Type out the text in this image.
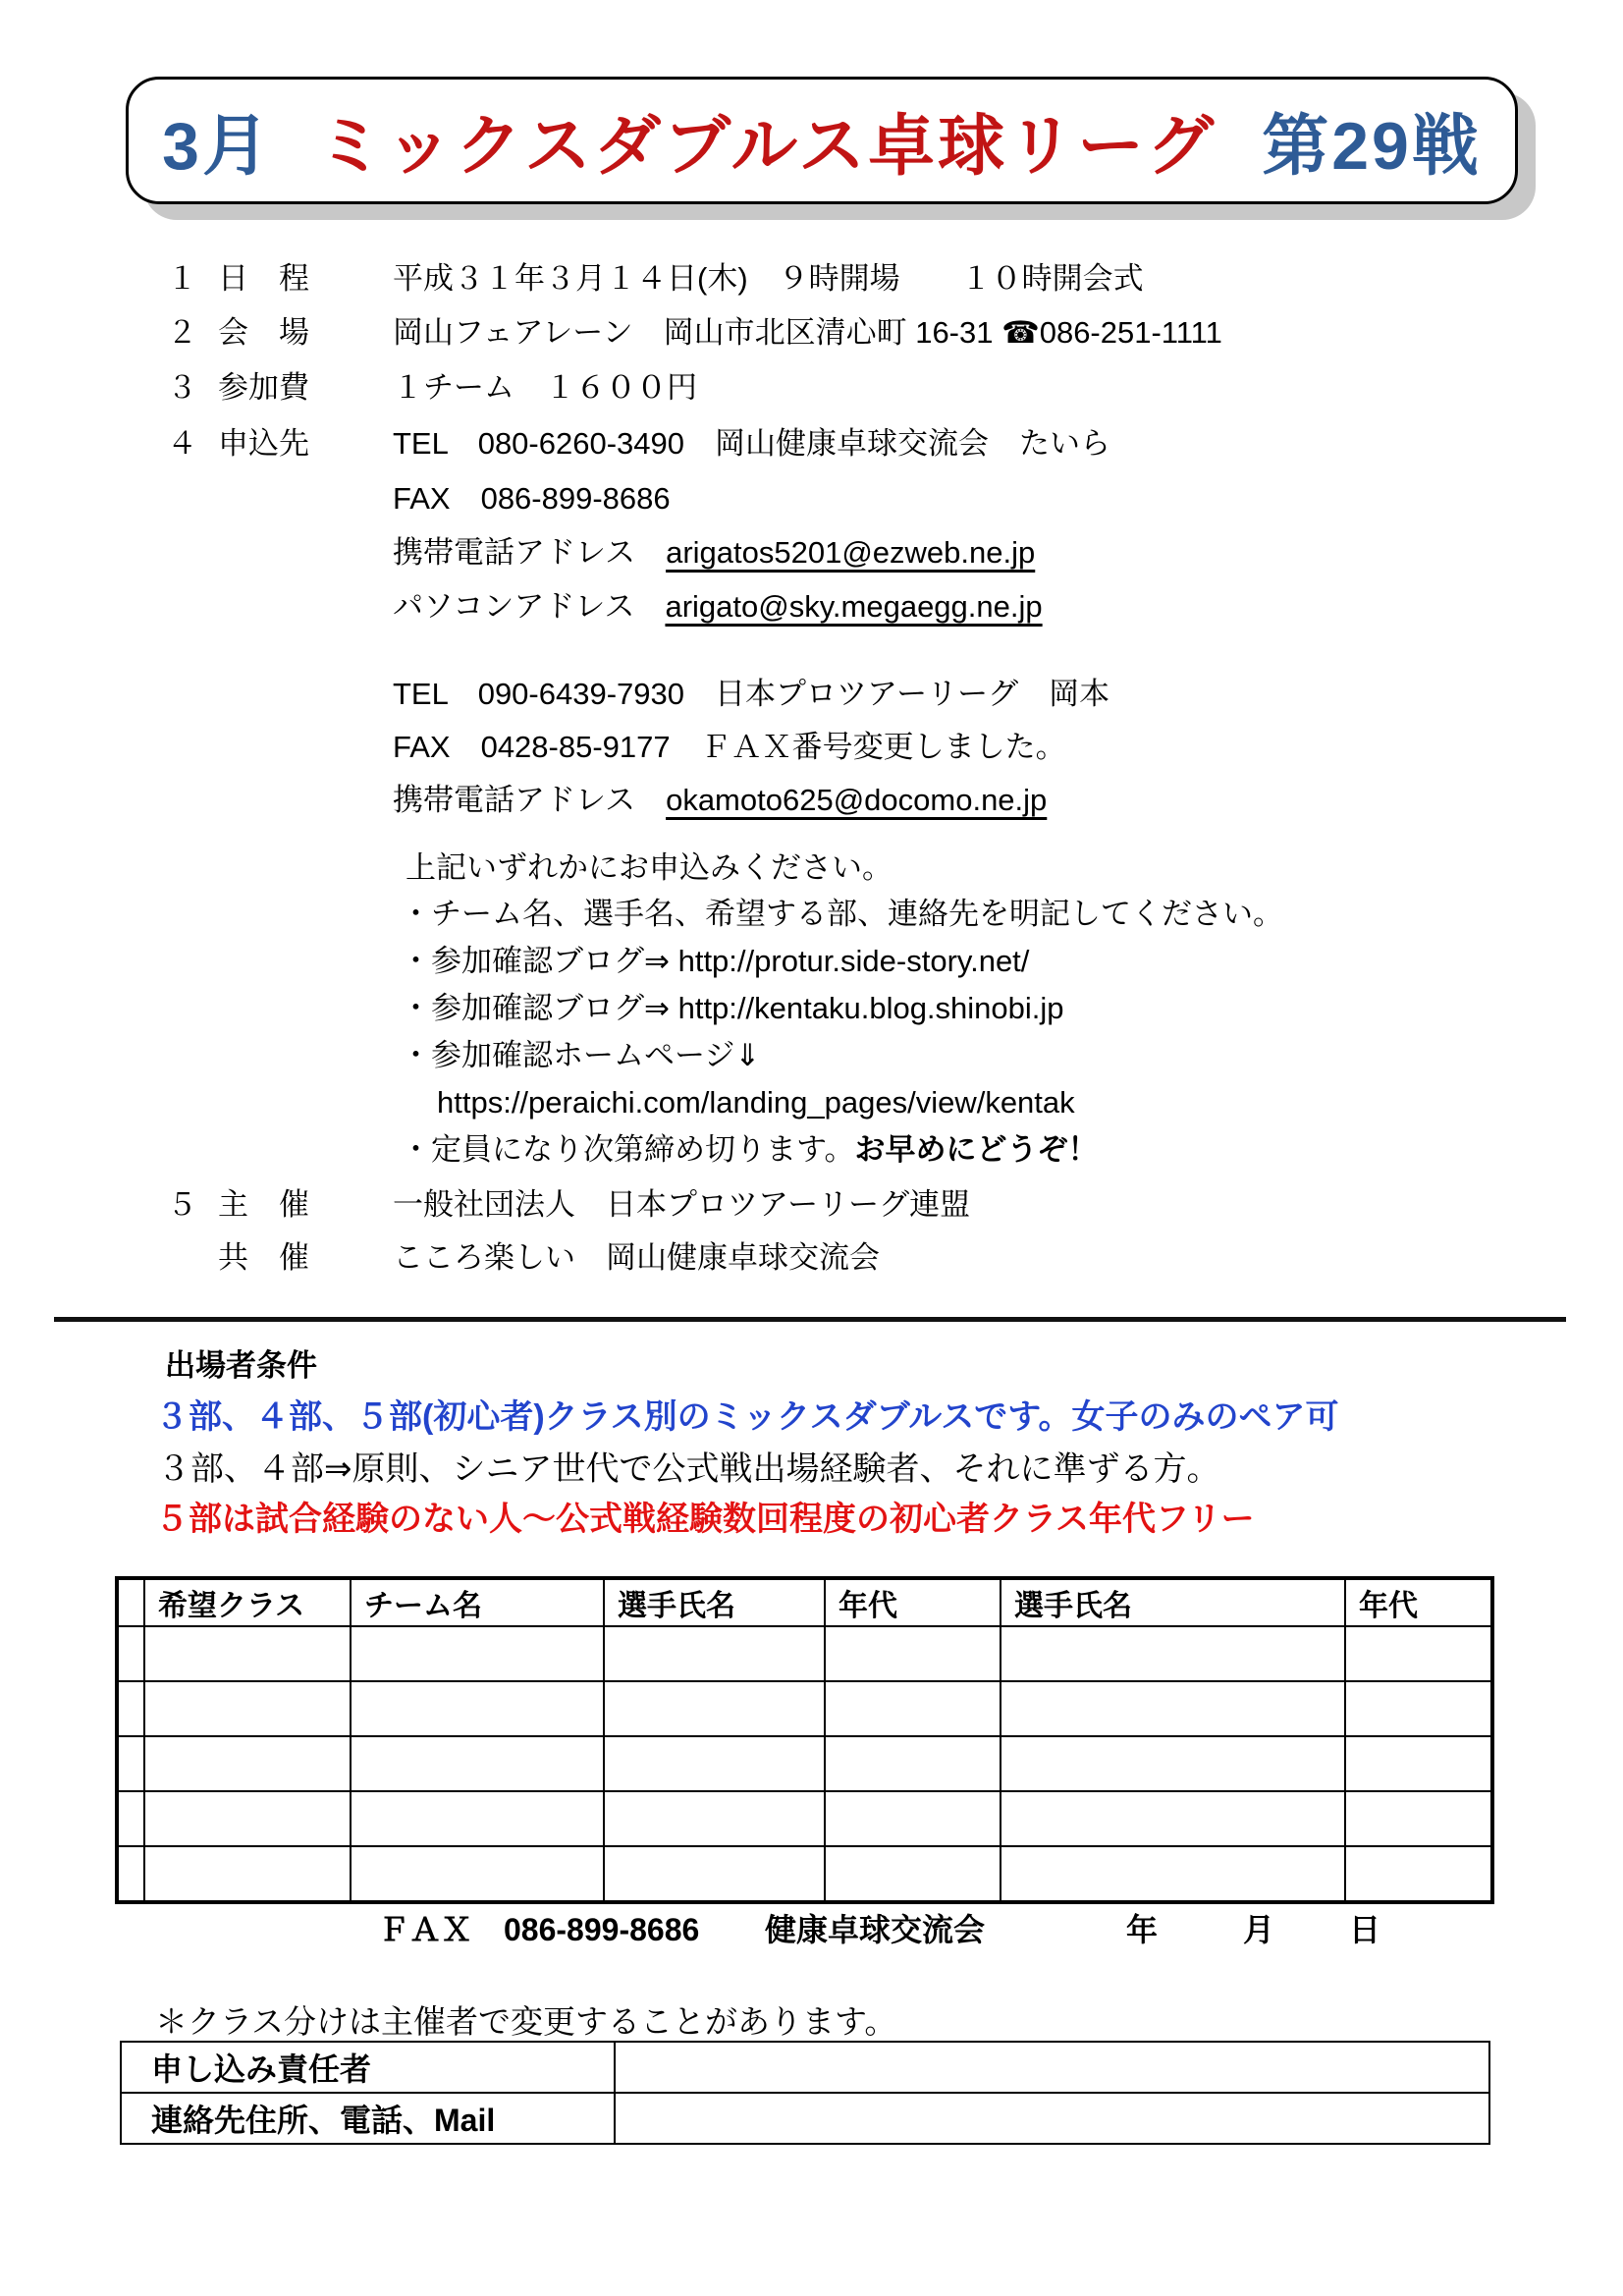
3月 ミックスダブルス卓球リーグ 第29戦
１ 日　程	平成３１年３月１４日(木)　９時開場　　１０時開会式
２ 会　場	岡山フェアレーン　岡山市北区清心町 16-31 ☎086-251-1111
３ 参加費	１チーム　１６００円
４ 申込先	TEL　080-6260-3490　岡山健康卓球交流会　たいら
FAX　086-899-8686
携帯電話アドレス　arigatos5201@ezweb.ne.jp
パソコンアドレス　arigato@sky.megaegg.ne.jp
TEL　090-6439-7930　日本プロツアーリーグ　岡本
FAX　0428-85-9177　ＦＡＸ番号変更しました。
携帯電話アドレス　okamoto625@docomo.ne.jp
上記いずれかにお申込みください。
・チーム名、選手名、希望する部、連絡先を明記してください。
・参加確認ブログ⇒ http://protur.side-story.net/
・参加確認ブログ⇒ http://kentaku.blog.shinobi.jp
・参加確認ホームページ⇓
https://peraichi.com/landing_pages/view/kentak
・定員になり次第締め切ります。お早めにどうぞ！
５ 主　催	一般社団法人　日本プロツアーリーグ連盟
共　催	こころ楽しい　岡山健康卓球交流会
出場者条件
３部、４部、５部(初心者)クラス別のミックスダブルスです。女子のみのペア可
３部、４部⇒原則、シニア世代で公式戦出場経験者、それに準ずる方。
５部は試合経験のない人～公式戦経験数回程度の初心者クラス年代フリー
	希望クラス	チーム名	選手氏名	年代	選手氏名	年代

ＦＡＸ　086-899-8686 健康卓球交流会	年	月 日
＊クラス分けは主催者で変更することがあります。
申し込み責任者	
連絡先住所、電話、Mail	
